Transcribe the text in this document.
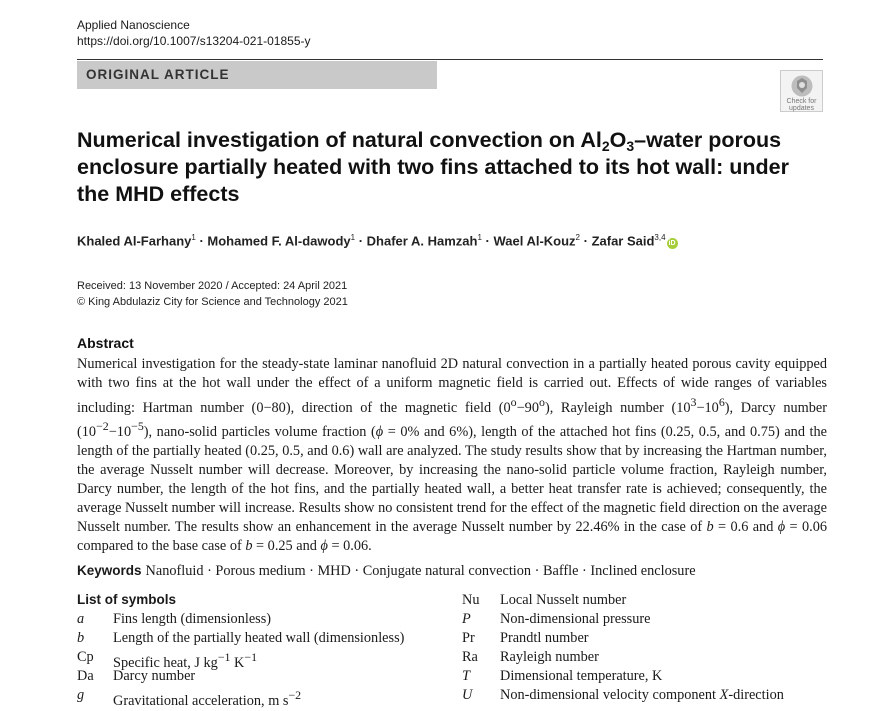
Applied Nanoscience
https://doi.org/10.1007/s13204-021-01855-y
ORIGINAL ARTICLE
Check for
updates
Numerical investigation of natural convection on $Al_2O_3$–water porous enclosure partially heated with two fins attached to its hot wall: under the MHD effects
Khaled Al-Farhany$^1$ · Mohamed F. Al-dawody$^1$ · Dhafer A. Hamzah$^1$ · Wael Al-Kouz$^2$ · Zafar Said$^{3,4}$iD
Received: 13 November 2020 / Accepted: 24 April 2021
© King Abdulaziz City for Science and Technology 2021
Abstract
Numerical investigation for the steady-state laminar nanofluid 2D natural convection in a partially heated porous cavity equipped with two fins at the hot wall under the effect of a uniform magnetic field is carried out. Effects of wide ranges of variables including: Hartman number (0−80), direction of the magnetic field $(0^o-90^o)$, Rayleigh number $(10^3-10^6)$, Darcy number $(10^{-2}-10^{-5})$, nano-solid particles volume fraction (ϕ = 0% and 6%), length of the attached hot fins (0.25, 0.5, and 0.75) and the length of the partially heated (0.25, 0.5, and 0.6) wall are analyzed. The study results show that by increasing the Hartman number, the average Nusselt number will decrease. Moreover, by increasing the nano-solid particle volume fraction, Rayleigh number, Darcy number, the length of the hot fins, and the partially heated wall, a better heat transfer rate is achieved; consequently, the average Nusselt number will increase. Results show no consistent trend for the effect of the magnetic field direction on the average Nusselt number. The results show an enhancement in the average Nusselt number by 22.46% in the case of b = 0.6 and ϕ = 0.06 compared to the base case of b = 0.25 and ϕ = 0.06.
Keywords Nanofluid · Porous medium · MHD · Conjugate natural convection · Baffle · Inclined enclosure
List of symbols
a Fins length (dimensionless)
b Length of the partially heated wall (dimensionless)
Cp Specific heat, J $kg^{-1}$ $K^{-1}$
Da Darcy number
g Gravitational acceleration, m $s^{-2}$
Nu Local Nusselt number
P Non-dimensional pressure
Pr Prandtl number
Ra Rayleigh number
T Dimensional temperature, K
U Non-dimensional velocity component X-direction
